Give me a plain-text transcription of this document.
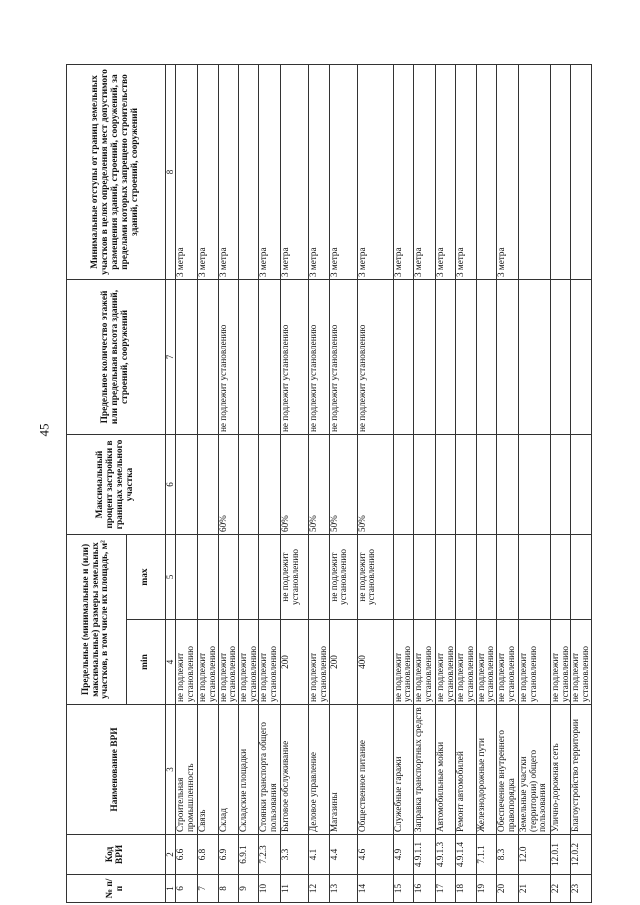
45
№ п/п	Код ВРИ	Наименование ВРИ	Предельные (минимальные и (или) максимальные) размеры земельных участков, в том числе их площадь, м²		Максимальный процент застройки в границах земельного участка	Предельное количество этажей или предельная высота зданий, строений, сооружений	Минимальные отступы от границ земельных участков в целях определения мест допустимого размещения зданий, строений, сооружений, за пределами которых запрещено строительство зданий, строений, сооружений
			min	max			
1	2	3	4	5	6	7	8
6	6.6	Строительная промышленность	не подлежит установлению				3 метра
7	6.8	Связь	не подлежит установлению				3 метра
8	6.9	Склад	не подлежит установлению		60%	не подлежит установлению	3 метра
9	6.9.1	Складские площадки	не подлежит установлению				
10	7.2.3	Стоянки транспорта общего пользования	не подлежит установлению				3 метра
11	3.3	Бытовое обслуживание	200	не подлежит установлению	60%	не подлежит установлению	3 метра
12	4.1	Деловое управление	не подлежит установлению		50%	не подлежит установлению	3 метра
13	4.4	Магазины	200	не подлежит установлению	50%	не подлежит установлению	3 метра
14	4.6	Общественное питание	400	не подлежит установлению	50%	не подлежит установлению	3 метра
15	4.9	Служебные гаражи	не подлежит установлению				3 метра
16	4.9.1.1	Заправка транспортных средств	не подлежит установлению				3 метра
17	4.9.1.3	Автомобильные мойки	не подлежит установлению				3 метра
18	4.9.1.4	Ремонт автомобилей	не подлежит установлению				3 метра
19	7.1.1	Железнодорожные пути	не подлежит установлению				
20	8.3	Обеспечение внутреннего правопорядка	не подлежит установлению				3 метра
21	12.0	Земельные участки (территории) общего пользования	не подлежит установлению				
22	12.0.1	Улично-дорожная сеть	не подлежит установлению				
23	12.0.2	Благоустройство территории	не подлежит установлению				
